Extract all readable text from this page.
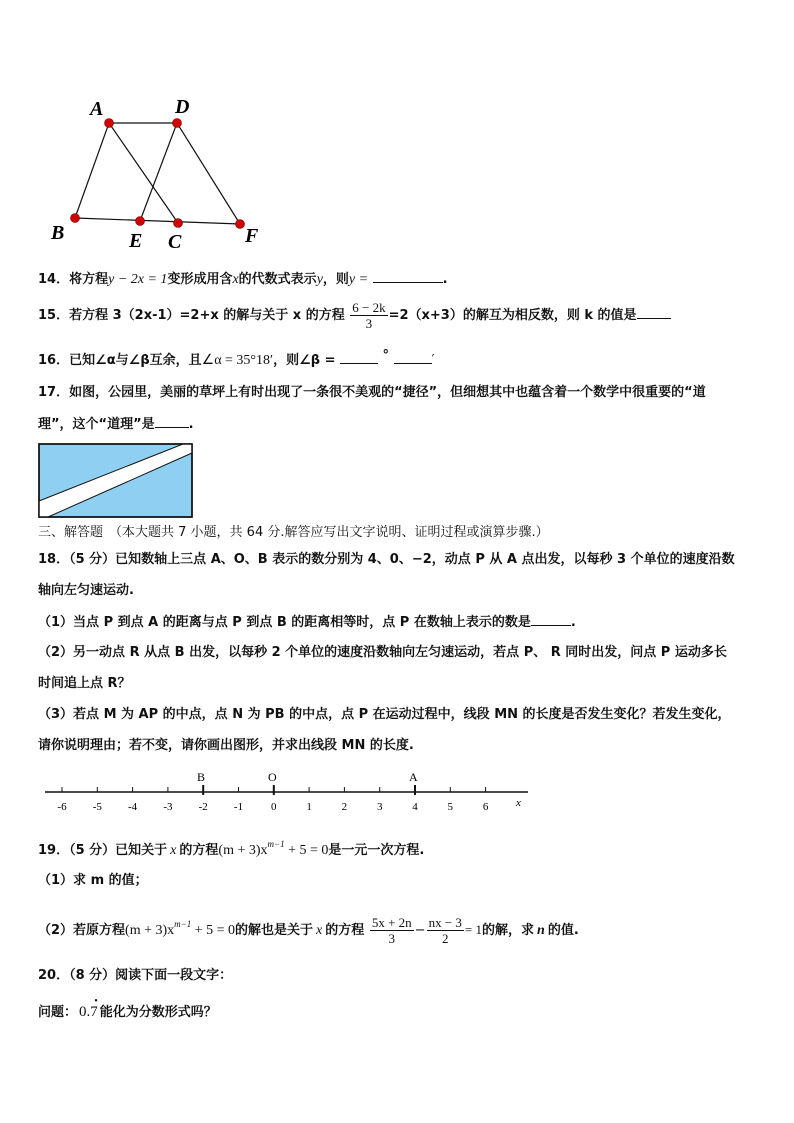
A	D
B	E C	F
14．将方程y − 2x = 1变形成用含x的代数式表示y，则y =	.
15．若方程 3（2x-1）=2+x 的解与关于 x 的方程 $\frac{6 - 2k}{3} =2(x+3)$的解互为相反数，则 k 的值是
16．已知∠α与∠β互余，且∠α = 35°18′，则∠β =	°	′
17．如图，公园里，美丽的草坪上有时出现了一条很不美观的“捷径”，但细想其中也蕴含着一个数学中很重要的“道
理”，这个“道理”是	.
三、解答题 （本大题共 7 小题，共 64 分.解答应写出文字说明、证明过程或演算步骤.）
18．（5 分）已知数轴上三点 A、O、B 表示的数分别为 4、0、−2，动点 P 从 A 点出发，以每秒 3 个单位的速度沿数
轴向左匀速运动.
（1）当点 P 到点 A 的距离与点 P 到点 B 的距离相等时，点 P 在数轴上表示的数是	.
（2）另一动点 R 从点 B 出发，以每秒 2 个单位的速度沿数轴向左匀速运动，若点 P、 R 同时出发，问点 P 运动多长
时间追上点 R？
（3）若点 M 为 AP 的中点，点 N 为 PB 的中点，点 P 在运动过程中，线段 MN 的长度是否发生变化？若发生变化，
请你说明理由；若不变，请你画出图形，并求出线段 MN 的长度.
-6 -5 -4 -3 -2 -1	0	1	2	3	4	5	6
B	O	A
x
19．（5 分）已知关于 x 的方程$(m + 3)x^{m-1} + 5 = 0$是一元一次方程.
（1）求 m 的值；
（2）若原方程$(m + 3)x^{m-1} + 5 = 0$的解也是关于 x 的方程 $\frac{5x + 2n}{3} - \frac{nx - 3}{2} = 1$的解，求 n 的值.
20．（8 分）阅读下面一段文字：
问题： 0.7
•
能化为分数形式吗？
